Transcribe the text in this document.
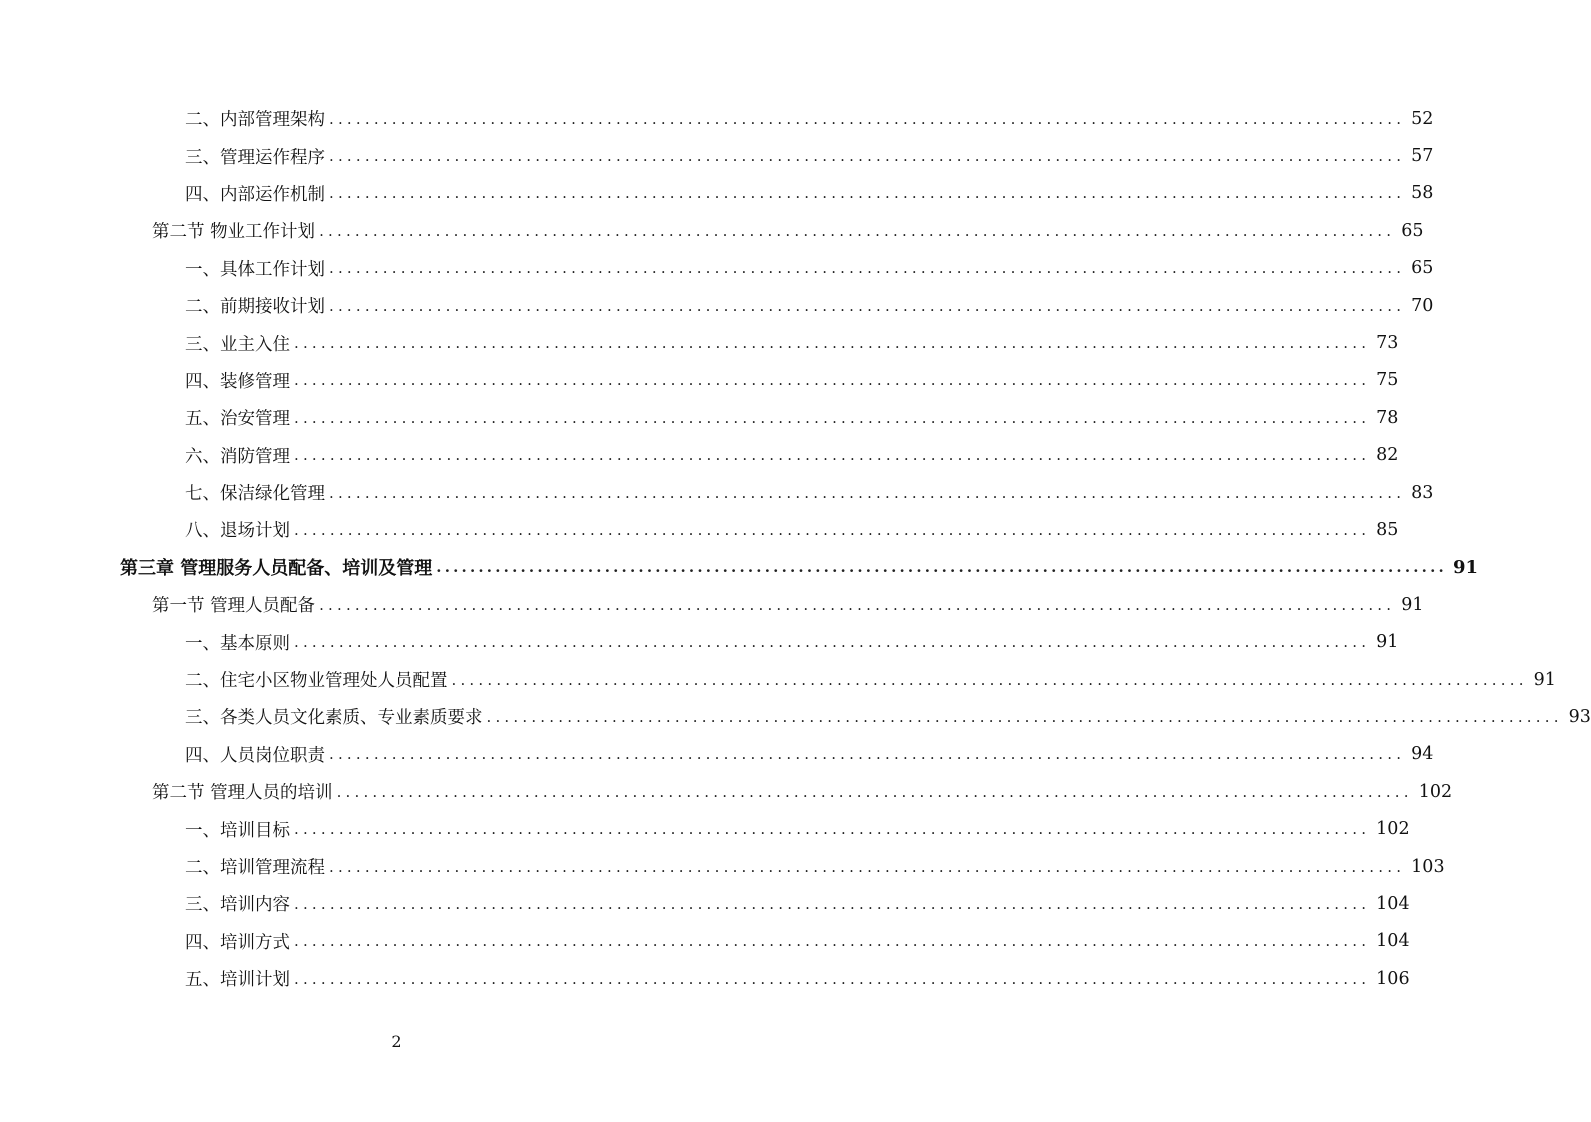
二、内部管理架构 ........................................................................................................................ 52
三、管理运作程序 ........................................................................................................................ 57
四、内部运作机制 ........................................................................................................................ 58
第二节 物业工作计划 ........................................................................................................................ 65
一、具体工作计划 ........................................................................................................................ 65
二、前期接收计划 ........................................................................................................................ 70
三、业主入住 ........................................................................................................................ 73
四、装修管理 ........................................................................................................................ 75
五、治安管理 ........................................................................................................................ 78
六、消防管理 ........................................................................................................................ 82
七、保洁绿化管理 ........................................................................................................................ 83
八、退场计划 ........................................................................................................................ 85
第三章 管理服务人员配备、培训及管理 ........................................................................................................................ 91
第一节 管理人员配备 ........................................................................................................................ 91
一、基本原则 ........................................................................................................................ 91
二、住宅小区物业管理处人员配置 ........................................................................................................................ 91
三、各类人员文化素质、专业素质要求 ........................................................................................................................ 93
四、人员岗位职责 ........................................................................................................................ 94
第二节 管理人员的培训 ........................................................................................................................ 102
一、培训目标 ........................................................................................................................ 102
二、培训管理流程 ........................................................................................................................ 103
三、培训内容 ........................................................................................................................ 104
四、培训方式 ........................................................................................................................ 104
五、培训计划 ........................................................................................................................ 106
2
